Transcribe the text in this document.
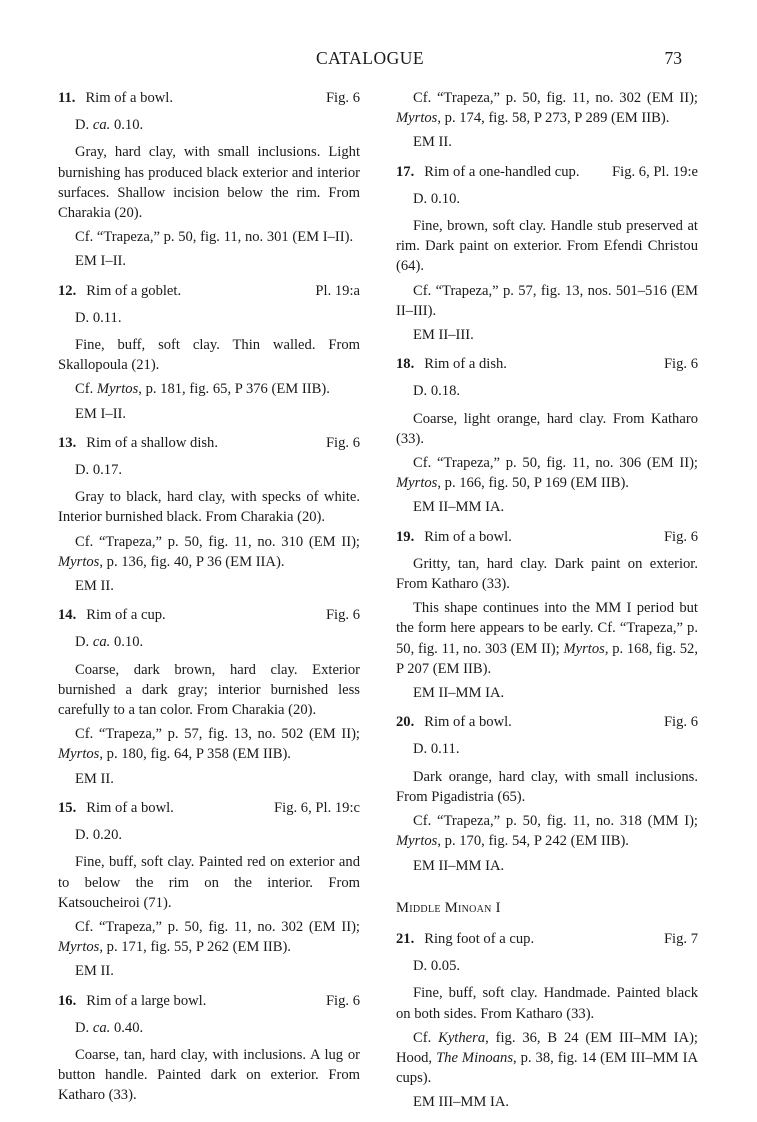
CATALOGUE	73
11. Rim of a bowl.	Fig. 6
D. ca. 0.10.
Gray, hard clay, with small inclusions. Light burnishing has produced black exterior and interior surfaces. Shallow incision below the rim. From Charakia (20).
Cf. “Trapeza,” p. 50, fig. 11, no. 301 (EM I–II).
EM I–II.
12. Rim of a goblet.	Pl. 19:a
D. 0.11.
Fine, buff, soft clay. Thin walled. From Skallopoula (21).
Cf. Myrtos, p. 181, fig. 65, P 376 (EM IIB).
EM I–II.
13. Rim of a shallow dish.	Fig. 6
D. 0.17.
Gray to black, hard clay, with specks of white. Interior burnished black. From Charakia (20).
Cf. “Trapeza,” p. 50, fig. 11, no. 310 (EM II); Myrtos, p. 136, fig. 40, P 36 (EM IIA).
EM II.
14. Rim of a cup.	Fig. 6
D. ca. 0.10.
Coarse, dark brown, hard clay. Exterior burnished a dark gray; interior burnished less carefully to a tan color. From Charakia (20).
Cf. “Trapeza,” p. 57, fig. 13, no. 502 (EM II); Myrtos, p. 180, fig. 64, P 358 (EM IIB).
EM II.
15. Rim of a bowl.	Fig. 6, Pl. 19:c
D. 0.20.
Fine, buff, soft clay. Painted red on exterior and to below the rim on the interior. From Katsoucheiroi (71).
Cf. “Trapeza,” p. 50, fig. 11, no. 302 (EM II); Myrtos, p. 171, fig. 55, P 262 (EM IIB).
EM II.
16. Rim of a large bowl.	Fig. 6
D. ca. 0.40.
Coarse, tan, hard clay, with inclusions. A lug or button handle. Painted dark on exterior. From Katharo (33).
Cf. “Trapeza,” p. 50, fig. 11, no. 302 (EM II); Myrtos, p. 174, fig. 58, P 273, P 289 (EM IIB).
EM II.
17. Rim of a one-handled cup. Fig. 6, Pl. 19:e
D. 0.10.
Fine, brown, soft clay. Handle stub preserved at rim. Dark paint on exterior. From Efendi Christou (64).
Cf. “Trapeza,” p. 57, fig. 13, nos. 501–516 (EM II–III).
EM II–III.
18. Rim of a dish.	Fig. 6
D. 0.18.
Coarse, light orange, hard clay. From Katharo (33).
Cf. “Trapeza,” p. 50, fig. 11, no. 306 (EM II); Myrtos, p. 166, fig. 50, P 169 (EM IIB).
EM II–MM IA.
19. Rim of a bowl.	Fig. 6
Gritty, tan, hard clay. Dark paint on exterior. From Katharo (33).
This shape continues into the MM I period but the form here appears to be early. Cf. “Trapeza,” p. 50, fig. 11, no. 303 (EM II); Myrtos, p. 168, fig. 52, P 207 (EM IIB).
EM II–MM IA.
20. Rim of a bowl.	Fig. 6
D. 0.11.
Dark orange, hard clay, with small inclusions. From Pigadistria (65).
Cf. “Trapeza,” p. 50, fig. 11, no. 318 (MM I); Myrtos, p. 170, fig. 54, P 242 (EM IIB).
EM II–MM IA.
Middle Minoan I
21. Ring foot of a cup.	Fig. 7
D. 0.05.
Fine, buff, soft clay. Handmade. Painted black on both sides. From Katharo (33).
Cf. Kythera, fig. 36, B 24 (EM III–MM IA); Hood, The Minoans, p. 38, fig. 14 (EM III–MM IA cups).
EM III–MM IA.
